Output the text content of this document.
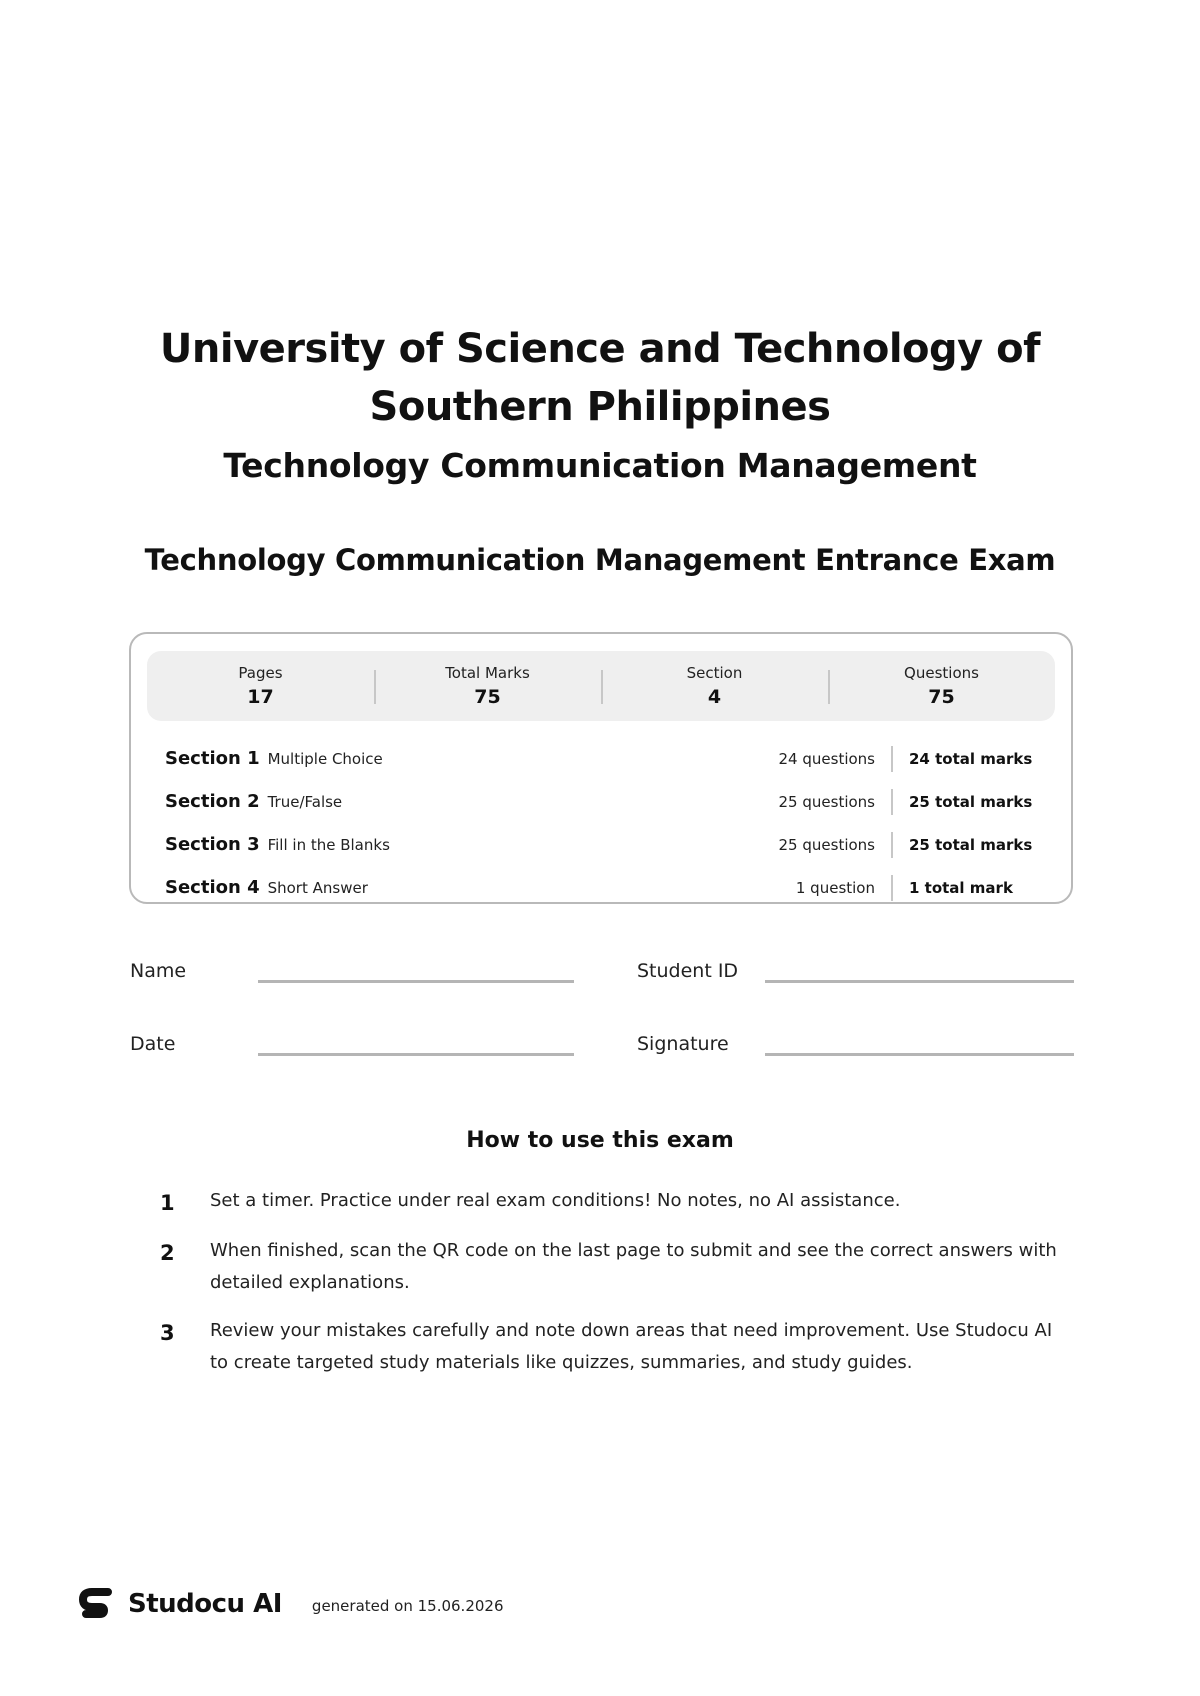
University of Science and Technology of Southern Philippines
Technology Communication Management
Technology Communication Management Entrance Exam
Pages
17
Total Marks
75
Section
4
Questions
75
Section 1 Multiple Choice	24 questions	24 total marks
Section 2 True/False	25 questions	25 total marks
Section 3 Fill in the Blanks	25 questions	25 total marks
Section 4 Short Answer	1 question	1 total mark
Name	Student ID
Date	Signature
How to use this exam
1	Set a timer. Practice under real exam conditions! No notes, no AI assistance.
2	When finished, scan the QR code on the last page to submit and see the correct answers with detailed explanations.
3	Review your mistakes carefully and note down areas that need improvement. Use Studocu AI to create targeted study materials like quizzes, summaries, and study guides.
Studocu AI generated on 15.06.2026
